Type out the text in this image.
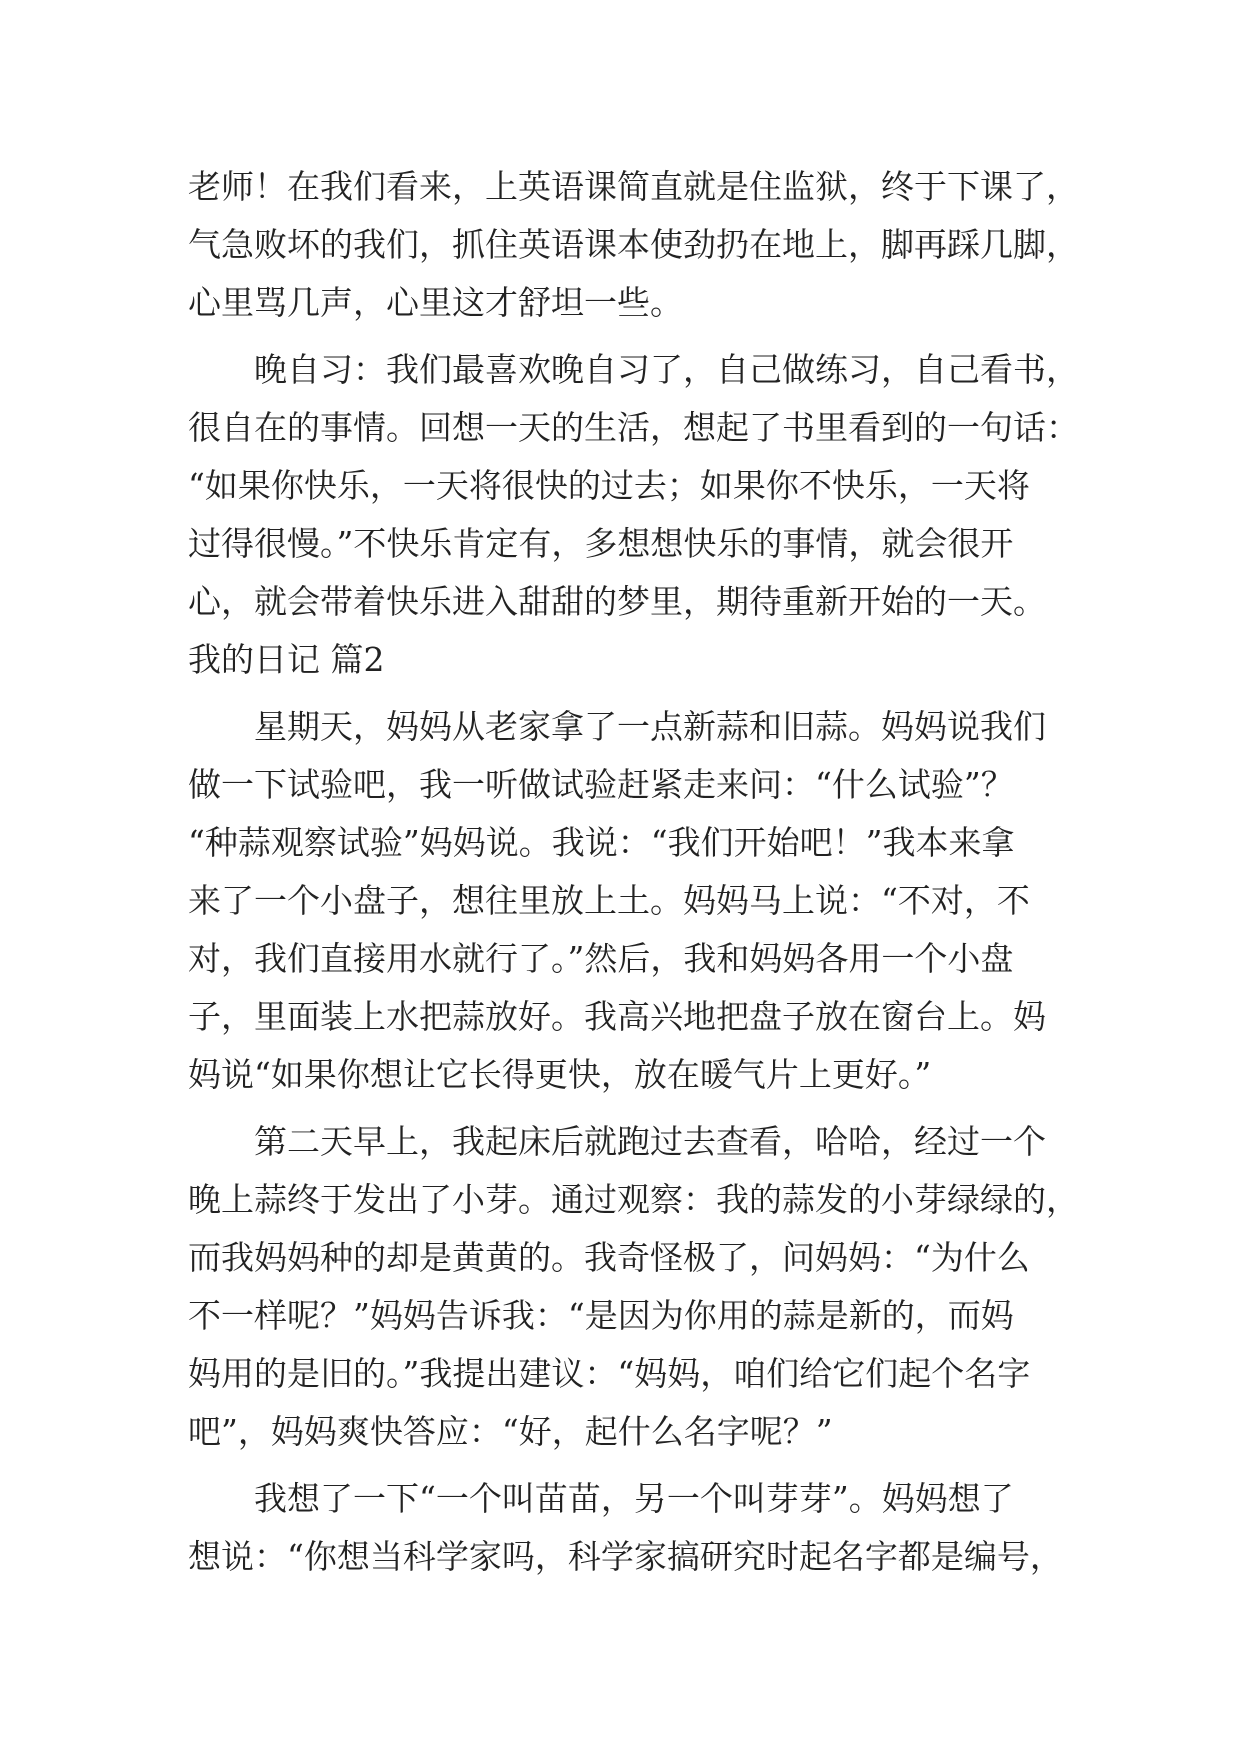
老师！在我们看来，上英语课简直就是住监狱，终于下课了，
气急败坏的我们，抓住英语课本使劲扔在地上，脚再踩几脚，
心里骂几声，心里这才舒坦一些。
晚自习：我们最喜欢晚自习了，自己做练习，自己看书，
很自在的事情。回想一天的生活，想起了书里看到的一句话：
“如果你快乐，一天将很快的过去；如果你不快乐，一天将
过得很慢。”不快乐肯定有，多想想快乐的事情，就会很开
心，就会带着快乐进入甜甜的梦里，期待重新开始的一天。
我的日记 篇2
星期天，妈妈从老家拿了一点新蒜和旧蒜。妈妈说我们
做一下试验吧，我一听做试验赶紧走来问：“什么试验”？
“种蒜观察试验”妈妈说。我说：“我们开始吧！”我本来拿
来了一个小盘子，想往里放上土。妈妈马上说：“不对，不
对，我们直接用水就行了。”然后，我和妈妈各用一个小盘
子，里面装上水把蒜放好。我高兴地把盘子放在窗台上。妈
妈说“如果你想让它长得更快，放在暖气片上更好。”
第二天早上，我起床后就跑过去查看，哈哈，经过一个
晚上蒜终于发出了小芽。通过观察：我的蒜发的小芽绿绿的，
而我妈妈种的却是黄黄的。我奇怪极了，问妈妈：“为什么
不一样呢？”妈妈告诉我：“是因为你用的蒜是新的，而妈
妈用的是旧的。”我提出建议：“妈妈，咱们给它们起个名字
吧”，妈妈爽快答应：“好，起什么名字呢？”
我想了一下“一个叫苗苗，另一个叫芽芽”。妈妈想了
想说：“你想当科学家吗，科学家搞研究时起名字都是编号，
